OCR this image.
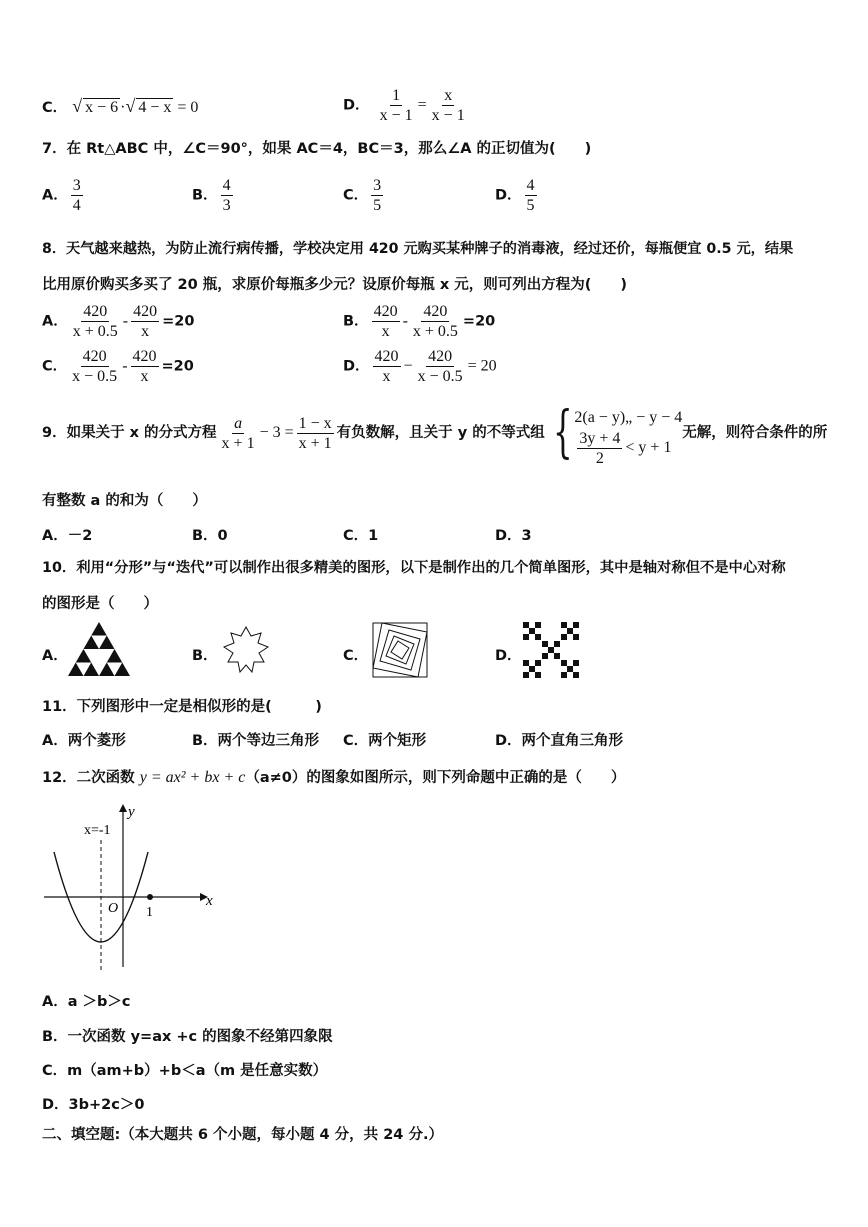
C． √ x − 6 ·√ 4 − x = 0	D． $\frac{1}{x - 1} = \frac{x}{x - 1}$
7．在 Rt△ABC 中，∠C＝90°，如果 AC＝4，BC＝3，那么∠A 的正切值为(　　)
A． $\frac{3}{4}$	B． $\frac{4}{3}$	C． $\frac{3}{5}$	D． $\frac{4}{5}$
8．天气越来越热，为防止流行病传播，学校决定用 420 元购买某种牌子的消毒液，经过还价，每瓶便宜 0.5 元，结果
比用原价购买多买了 20 瓶，求原价每瓶多少元？设原价每瓶 x 元，则可列出方程为(　　)
A． $\frac{420}{x + 0.5} - \frac{420}{x} =20$	B． $\frac{420}{x} - \frac{420}{x + 0.5} =20$
C． $\frac{420}{x - 0.5} - \frac{420}{x} =20$	D． $\frac{420}{x} - \frac{420}{x - 0.5} = 20$
9．如果关于 x 的分式方程 $\frac{a}{x + 1} - 3 = \frac{1 - x}{x + 1}$ 有负数解，且关于 y 的不等式组 { 2(a − y)„ − y − 4
$\frac{3y + 4}{2} < y + 1$
无解，则符合条件的所
有整数 a 的和为（　　）
A．－2	B．0	C．1	D．3
10．利用“分形”与“迭代”可以制作出很多精美的图形，以下是制作出的几个简单图形，其中是轴对称但不是中心对称
的图形是（　　）
A．	B．	C．	D．
11．下列图形中一定是相似形的是(　　　)
A．两个菱形	B．两个等边三角形 C．两个矩形	D．两个直角三角形
12．二次函数 y = ax² + bx + c（a≠0）的图象如图所示，则下列命题中正确的是（　　）
y
x
O 1
x=-1
A．a ＞b＞c
B．一次函数 y=ax +c 的图象不经第四象限
C．m（am+b）+b＜a（m 是任意实数）
D．3b+2c＞0
二、填空题:（本大题共 6 个小题，每小题 4 分，共 24 分.）
